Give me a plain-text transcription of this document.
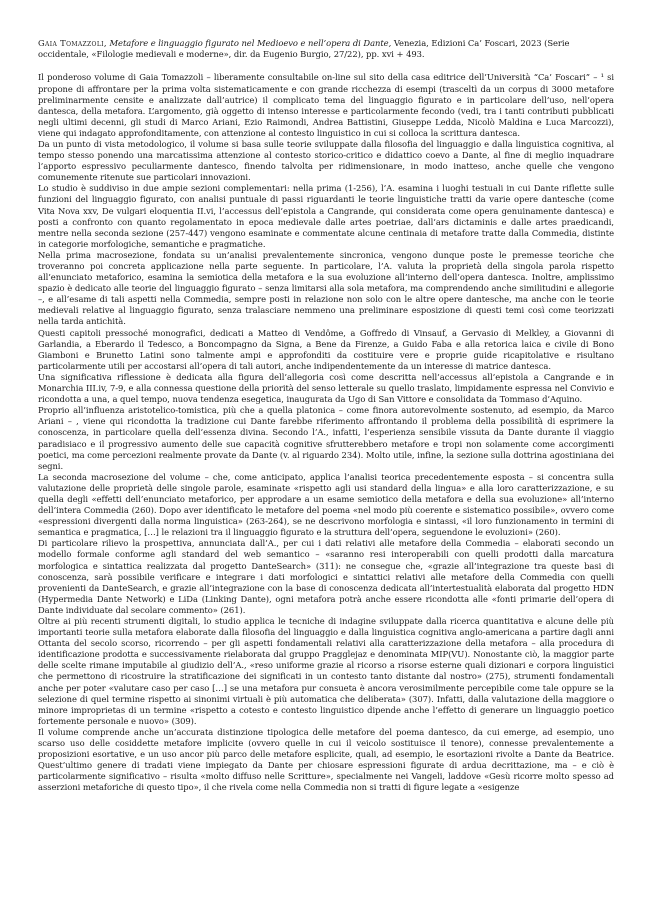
Gaia Tomazzoli, Metafore e linguaggio figurato nel Medioevo e nell’opera di Dante, Venezia, Edizioni Ca’ Foscari, 2023 (Serie occidentale, «Filologie medievali e moderne», dir. da Eugenio Burgio, 27/22), pp. xvi + 493.

Il ponderoso volume di Gaia Tomazzoli – liberamente consultabile on-line sul sito della casa editrice dell’Università “Ca’ Foscari” – ¹ si propone di affrontare per la prima volta sistematicamente e con grande ricchezza di esempi (trasceltì da un corpus di 3000 metafore preliminarmente censite e analizzate dall’autrice) il complicato tema del linguaggio figurato e in particolare dell’uso, nell’opera dantesca, della metafora. L’argomento, già oggetto di intenso interesse e particolarmente fecondo (vedi, tra i tanti contributi pubblicati negli ultimi decenni, gli studi di Marco Ariani, Ezio Raimondi, Andrea Battistini, Giuseppe Ledda, Nicolò Maldina e Luca Marcozzi), viene qui indagato approfonditamente, con attenzione al contesto linguistico in cui si colloca la scrittura dantesca.

Da un punto di vista metodologico, il volume si basa sulle teorie sviluppate dalla filosofia del linguaggio e dalla linguistica cognitiva, al tempo stesso ponendo una marcatissima attenzione al contesto storico-critico e didattico coevo a Dante, al fine di meglio inquadrare l’apporto espressivo peculiarmente dantesco, finendo talvolta per ridimensionare, in modo inatteso, anche quelle che vengono comunemente ritenute sue particolari innovazioni.

Lo studio è suddiviso in due ampie sezioni complementari: nella prima (1-256), l’A. esamina i luoghi testuali in cui Dante riflette sulle funzioni del linguaggio figurato, con analisi puntuale di passi riguardanti le teorie linguistiche tratti da varie opere dantesche (come Vita Nova xxv, De vulgari eloquentia II.vi, l’accessus dell’epistola a Cangrande, qui considerata come opera genuinamente dantesca) e posti a confronto con quanto regolamentato in epoca medievale dalle artes poetriae, dall’ars dictaminis e dalle artes praedicandi, mentre nella seconda sezione (257-447) vengono esaminate e commentate alcune centinaia di metafore tratte dalla Commedia, distinte in categorie morfologiche, semantiche e pragmatiche.

Nella prima macrosezione, fondata su un’analisi prevalentemente sincronica, vengono dunque poste le premesse teoriche che troveranno poi concreta applicazione nella parte seguente. In particolare, l’A. valuta la proprietà della singola parola rispetto all’enunciato metaforico, esamina la semiotica della metafora e la sua evoluzione all’interno dell’opera dantesca. Inoltre, amplissimo spazio è dedicato alle teorie del linguaggio figurato – senza limitarsi alla sola metafora, ma comprendendo anche similitudini e allegorie –, e all’esame di tali aspetti nella Commedia, sempre posti in relazione non solo con le altre opere dantesche, ma anche con le teorie medievali relative al linguaggio figurato, senza tralasciare nemmeno una preliminare esposizione di questi temi così come teorizzati nella tarda antichità.

Questi capitoli pressoché monografici, dedicati a Matteo di Vendôme, a Goffredo di Vinsauf, a Gervasio di Melkley, a Giovanni di Garlandia, a Eberardo il Tedesco, a Boncompagno da Signa, a Bene da Firenze, a Guido Faba e alla retorica laica e civile di Bono Giamboni e Brunetto Latini sono talmente ampi e approfonditi da costituire vere e proprie guide ricapitolative e risultano particolarmente utili per accostarsi all’opera di tali autori, anche indipendentemente da un interesse di matrice dantesca.

Una significativa riflessione è dedicata alla figura dell’allegoria così come descritta nell’accessus all’epistola a Cangrande e in Monarchia III.iv, 7-9, e alla connessa questione della priorità del senso letterale su quello traslato, limpidamente espressa nel Convivio e ricondotta a una, a quel tempo, nuova tendenza esegetica, inaugurata da Ugo di San Vittore e consolidata da Tommaso d’Aquino.

Proprio all’influenza aristotelico-tomistica, più che a quella platonica – come finora autorevolmente sostenuto, ad esempio, da Marco Ariani – , viene qui ricondotta la tradizione cui Dante farebbe riferimento affrontando il problema della possibilità di esprimere la conoscenza, in particolare quella dell’essenza divina. Secondo l’A., infatti, l’esperienza sensibile vissuta da Dante durante il viaggio paradisiaco e il progressivo aumento delle sue capacità cognitive sfrutterebbero metafore e tropi non solamente come accorgimenti poetici, ma come percezioni realmente provate da Dante (v. al riguardo 234). Molto utile, infine, la sezione sulla dottrina agostiniana dei segni.

La seconda macrosezione del volume – che, come anticipato, applica l’analisi teorica precedentemente esposta – si concentra sulla valutazione delle proprietà delle singole parole, esaminate «rispetto agli usi standard della lingua» e alla loro caratterizzazione, e su quella degli «effetti dell’enunciato metaforico, per approdare a un esame semiotico della metafora e della sua evoluzione» all’interno dell’intera Commedia (260). Dopo aver identificato le metafore del poema «nel modo più coerente e sistematico possibile», ovvero come «espressioni divergenti dalla norma linguistica» (263-264), se ne descrivono morfologia e sintassi, «il loro funzionamento in termini di semantica e pragmatica, […] le relazioni tra il linguaggio figurato e la struttura dell’opera, seguendone le evoluzioni» (260).

Di particolare rilievo la prospettiva, annunciata dall’A., per cui i dati relativi alle metafore della Commedia – elaborati secondo un modello formale conforme agli standard del web semantico – «saranno resi interoperabili con quelli prodotti dalla marcatura morfologica e sintattica realizzata dal progetto DanteSearch» (311): ne consegue che, «grazie all’integrazione tra queste basi di conoscenza, sarà possibile verificare e integrare i dati morfologici e sintattici relativi alle metafore della Commedia con quelli provenienti da DanteSearch, e grazie all’integrazione con la base di conoscenza dedicata all’intertestualità elaborata dal progetto HDN (Hypermedia Dante Network) e LiDa (Linking Dante), ogni metafora potrà anche essere ricondotta alle «fonti primarie dell’opera di Dante individuate dal secolare commento» (261).

Oltre ai più recenti strumenti digitali, lo studio applica le tecniche di indagine sviluppate dalla ricerca quantitativa e alcune delle più importanti teorie sulla metafora elaborate dalla filosofia del linguaggio e dalla linguistica cognitiva anglo-americana a partire dagli anni Ottanta del secolo scorso, ricorrendo – per gli aspetti fondamentali relativi alla caratterizzazione della metafora – alla procedura di identificazione prodotta e successivamente rielaborata dal gruppo Pragglejaz e denominata MIP(VU). Nonostante ciò, la maggior parte delle scelte rimane imputabile al giudizio dell’A., «reso uniforme grazie al ricorso a risorse esterne quali dizionari e corpora linguistici che permettono di ricostruire la stratificazione dei significati in un contesto tanto distante dal nostro» (275), strumenti fondamentali anche per poter «valutare caso per caso […] se una metafora pur consueta è ancora verosimilmente percepibile come tale oppure se la selezione di quel termine rispetto ai sinonimi virtuali è più automatica che deliberata» (307). Infatti, dalla valutazione della maggiore o minore improprietas di un termine «rispetto a cotesto e contesto linguistico dipende anche l’effetto di generare un linguaggio poetico fortemente personale e nuovo» (309).

Il volume comprende anche un’accurata distinzione tipologica delle metafore del poema dantesco, da cui emerge, ad esempio, uno scarso uso delle cosiddette metafore implicite (ovvero quelle in cui il veicolo sostituisce il tenore), connesse prevalentemente a proposizioni esortative, e un uso ancor più parco delle metafore esplicite, quali, ad esempio, le esortazioni rivolte a Dante da Beatrice. Quest’ultimo genere di tradati viene impiegato da Dante per chiosare espressioni figurate di ardua decrittazione, ma – e ciò è particolarmente significativo – risulta «molto diffuso nelle Scritture», specialmente nei Vangeli, laddove «Gesù ricorre molto spesso ad asserzioni metaforiche di questo tipo», il che rivela come nella Commedia non si tratti di figure legate a «esigenze
